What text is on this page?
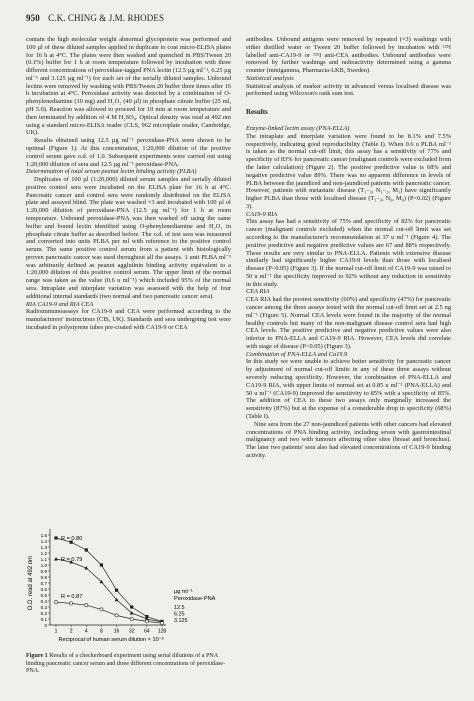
950 C.K. CHING & J.M. RHODES

contain the high molecular weight abnormal glycoprotein was performed and 100 µl of these diluted samples applied in duplicate to coat micro-ELISA plates for 16 h at 4°C. The plates were then washed and quenched in PBS/Tween 20 (0.1%) buffer for 1 h at room temperature followed by incubation with three different concentrations of peroxidase-tagged PNA lectin (12.5 µg ml⁻¹, 6.25 µg ml⁻¹ and 3.125 µg ml⁻¹) for each set of the serially diluted samples. Unbound lectins were removed by washing with PBS/Tween 20 buffer three times after 16 h incubation at 4°C. Peroxidase activity was detected by a combination of O-phenylenediamine (10 mg) and H₂O₂ (40 µl) in phosphate citrate buffer (25 ml, pH 5.0). Reaction was allowed to proceed for 10 min at room temperature and then terminated by addition of 4 M H₂SO₄. Optical density was read at 492 nm using a standard micro-ELISA reader (CLS, 962 microplate reader, Cambridge, UK).

Results obtained using 12.5 µg ml⁻¹ peroxidase-PNA were shown to be optimal (Figure 1). At this concentration, 1:20,000 dilution of the positive control serum gave o.d. of 1.0. Subsequent experiments were carried out using 1:20,000 dilution of sera and 12.5 µg ml⁻¹ peroxidase-PNA.

Determination of total serum peanut lectin binding activity (PLBA)

Duplicates of 100 µl (1:20,000) diluted serum samples and serially diluted positive control sera were incubated on the ELISA plate for 16 h at 4°C. Pancreatic cancer and control sera were randomly distributed on the ELISA plate and assayed blind. The plate was washed ×3 and incubated with 100 µl of 1:20,000 dilution of peroxidase-PNA (12.5 µg ml⁻¹) for 1 h at room temperature. Unbound peroxidase-PNA was then washed off using the same buffer and bound lectin identified using O-phenylenediamine and H₂O₂ in phosphate citrate buffer as described before. The o.d. of test sera was measured and converted into units PLBA per ml with reference to the positive control serum. The same positive control serum from a patient with histologically proven pancreatic cancer was used throughout all the assays. 1 unit PLBA ml⁻¹ was arbitrarily defined as peanut agglutinin binding activity equivalent to a 1:20,000 dilution of this positive control serum. The upper limit of the normal range was taken as the value (0.6 u ml⁻¹) which included 95% of the normal sera. Intraplate and interplate variation was assessed with the help of four additional internal standards (two normal and two pancreatic cancer sera).

RIA CA19-9 and RIA CEA

Radioimmunoassays for CA19-9 and CEA were performed according to the manufacturers' instructions (CIS, UK). Standards and sera undergoing test were incubated in polystyrene tubes pre-coated with CA19-9 or CEA

antibodies. Unbound antigens were removed by repeated (×3) washings with either distilled water or Tween 20 buffer followed by incubation with ¹²⁵I labelled anti-CA19-9 or ¹²⁵I anti-CEA antibodies. Unbound antibodies were removed by further washings and radioactivity determined using a gamma counter (minigamma, Pharmacia-LKB, Sweden).

Statistical analysis

Statistical analysis of marker activity in advanced versus localised disease was performed using Wilcoxon's rank sum test.

Results

Enzyme-linked lectin assay (PNA-ELLA)

The intraplate and interplate variation were found to be 8.1% and 7.5% respectively, indicating good reproducibility (Table I). When 0.6 u PLBA ml⁻¹ is taken as the normal cut-off limit, this assay has a sensitivity of 77% and specificity of 83% for pancreatic cancer (malignant controls were excluded from the latter calculation) (Figure 2). The positive predictive value is 68% and negative predictive value 89%. There was no apparent difference in levels of PLBA between the jaundiced and non-jaundiced patients with pancreatic cancer. However, patients with metastatic disease (T₁₋₃, N₁₋₂, M₁) have significantly higher PLBA than those with localised disease (T₁₋₃, N₀, M₀) (P<0.02) (Figure 3).

CA19-9 RIA

This assay has had a sensitivity of 75% and specificity of 82% for pancreatic cancer (malignant controls excluded) when the normal cut-off limit was set according to the manufacturer's recommendation at 37 u ml⁻¹ (Figure 4). The positive predictive and negative predictive values are 67 and 88% respectively. These results are very similar to PNA-ELLA. Patients with extensive disease similarly had significantly higher CA19-9 levels than those with localised disease (P<0.05) (Figure 3). If the normal cut-off limit of CA19-9 was raised to 50 u ml⁻¹ the specificity improved to 92% without any reduction in sensitivity in this study.

CEA RIA

CEA RIA had the poorest sensitivity (60%) and specificity (47%) for pancreatic cancer among the three assays tested with the normal cut-off limit set at 2.5 ng ml⁻¹ (Figure 5). Normal CEA levels were found in the majority of the normal healthy controls but many of the non-malignant disease control sera had high CEA levels. The positive predictive and negative predictive values were also inferior to PNA-ELLA and CA19-9 RIA. However, CEA levels did correlate with stage of disease (P<0.05) (Figure 3).

Combination of PNA-ELLA and Ca19.9

In this study we were unable to achieve better sensitivity for pancreatic cancer by adjustment of normal cut-off limits in any of these three assays without severely reducing specificity. However, the combination of PNA-ELLA and CA19-9 RIA, with upper limits of normal set at 0.85 u ml⁻¹ (PNA-ELLA) and 50 u ml⁻¹ (CA19-9) improved the sensitivity to 85% with a specificity of 85%. The addition of CEA to these two assays only marginally increased the sensitivity (87%) but at the expense of a considerable drop in specificity (68%) (Table I).

Nine sera from the 27 non-jaundiced patients with other cancers had elevated concentrations of PNA binding activity, including seven with gastrointestinal malignancy and two with tumours affecting other sites (breast and bronchus). The later two patients' sera also had elevated concentrations of CA19-9 binding activity.

0
0.1
0.2
0.3
0.4
0.5
0.6
0.7
0.8
0.9
1.0
1.1
1.2
1.3
1.4
1.5
1 2 4 8 16 32 64 128
R = 0.80
12.5
R = 0.79
6.25
R = 0.87
3.125
O.D. read at 492 nm
Reciprocal of human serum dilution × 10⁻³
µg ml⁻¹
Peroxidase-PNA
Figure 1 Results of a checkerboard experiment using serial dilutions of a PNA binding pancreatic cancer serum and three different concentrations of peroxidase-PNA.
